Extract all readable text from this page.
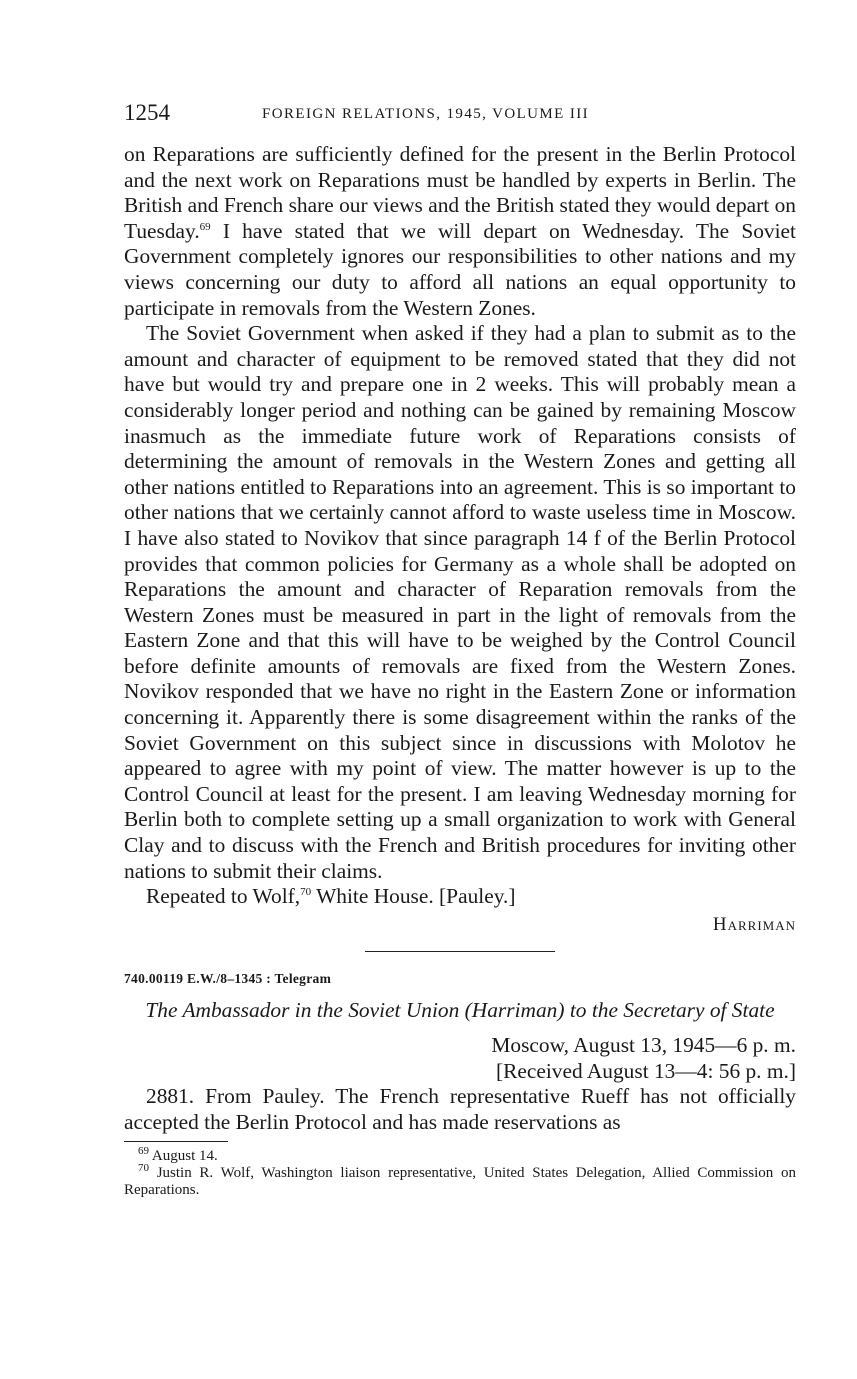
1254	FOREIGN RELATIONS, 1945, VOLUME III

on Reparations are sufficiently defined for the present in the Berlin Protocol and the next work on Reparations must be handled by experts in Berlin. The British and French share our views and the British stated they would depart on Tuesday.$^{69}$ I have stated that we will depart on Wednesday. The Soviet Government completely ignores our responsibilities to other nations and my views concerning our duty to afford all nations an equal opportunity to participate in removals from the Western Zones.

The Soviet Government when asked if they had a plan to submit as to the amount and character of equipment to be removed stated that they did not have but would try and prepare one in 2 weeks. This will probably mean a considerably longer period and nothing can be gained by remaining Moscow inasmuch as the immediate future work of Reparations consists of determining the amount of removals in the Western Zones and getting all other nations entitled to Reparations into an agreement. This is so important to other nations that we certainly cannot afford to waste useless time in Moscow. I have also stated to Novikov that since paragraph 14 f of the Berlin Protocol provides that common policies for Germany as a whole shall be adopted on Reparations the amount and character of Reparation removals from the Western Zones must be measured in part in the light of removals from the Eastern Zone and that this will have to be weighed by the Control Council before definite amounts of removals are fixed from the Western Zones. Novikov responded that we have no right in the Eastern Zone or information concerning it. Apparently there is some disagreement within the ranks of the Soviet Government on this subject since in discussions with Molotov he appeared to agree with my point of view. The matter however is up to the Control Council at least for the present. I am leaving Wednesday morning for Berlin both to complete setting up a small organization to work with General Clay and to discuss with the French and British procedures for inviting other nations to submit their claims.

Repeated to Wolf,$^{70}$ White House. [Pauley.]

Harriman
740.00119 E.W./8–1345 : Telegram
The Ambassador in the Soviet Union (Harriman) to the Secretary of State
Moscow, August 13, 1945—6 p. m.
[Received August 13—4: 56 p. m.]

2881. From Pauley. The French representative Rueff has not officially accepted the Berlin Protocol and has made reservations as

$^{69}$ August 14.

$^{70}$ Justin R. Wolf, Washington liaison representative, United States Delegation, Allied Commission on Reparations.
